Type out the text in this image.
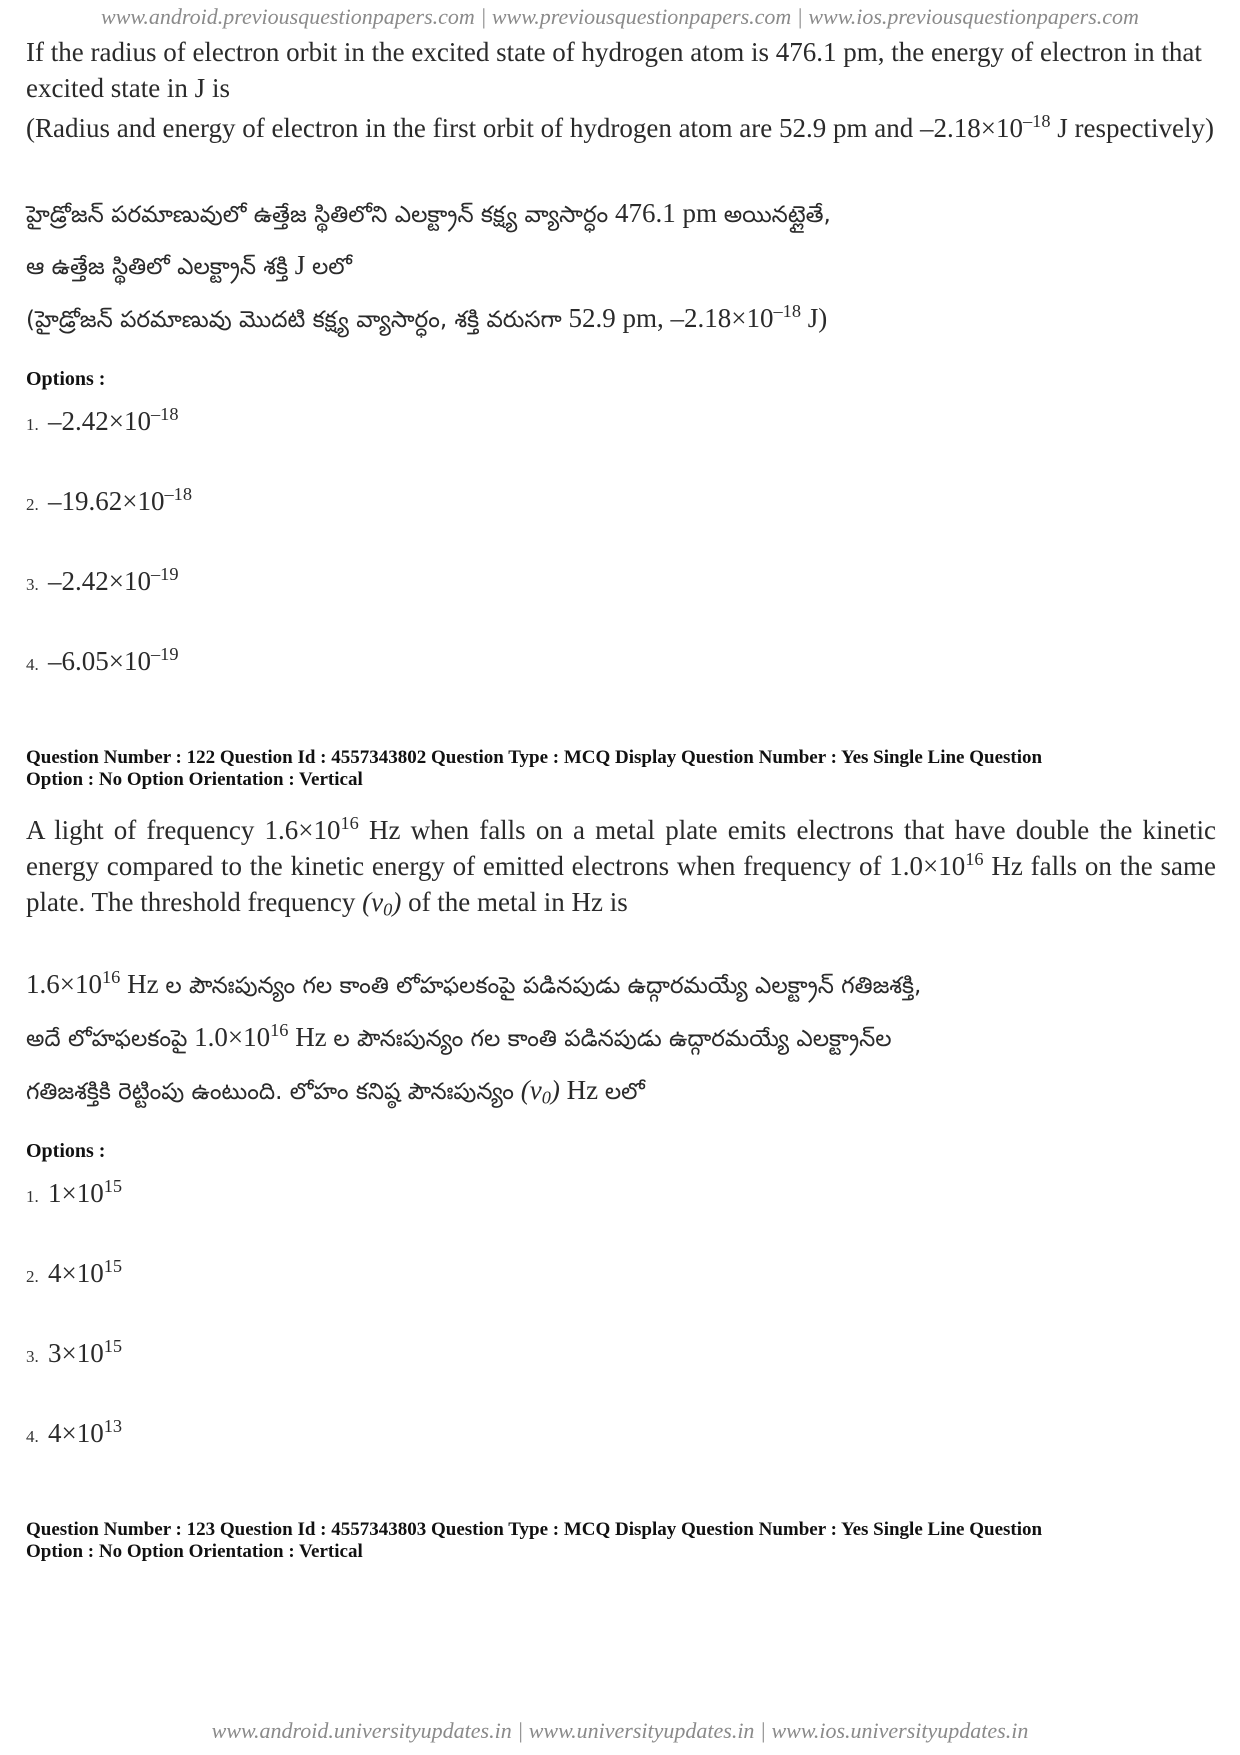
www.android.previousquestionpapers.com | www.previousquestionpapers.com | www.ios.previousquestionpapers.com

If the radius of electron orbit in the excited state of hydrogen atom is 476.1 pm, the energy of electron in that excited state in J is

(Radius and energy of electron in the first orbit of hydrogen atom are 52.9 pm and $-2.18\times 10^{-18}$ J respectively)

హైడ్రోజన్ పరమాణువులో ఉత్తేజ స్థితిలోని ఎలక్ట్రాన్ కక్ష్య వ్యాసార్ధం 476.1 pm అయినట్లైతే,

ఆ ఉత్తేజ స్థితిలో ఎలక్ట్రాన్ శక్తి J లలో

(హైడ్రోజన్ పరమాణువు మొదటి కక్ష్య వ్యాసార్ధం, శక్తి వరుసగా 52.9 pm, $-2.18\times 10^{-18}$ J)

Options :
1. $-2.42\times 10^{-18}$
2. $-19.62\times 10^{-18}$
3. $-2.42\times 10^{-19}$
4. $-6.05\times 10^{-19}$
Question Number : 122 Question Id : 4557343802 Question Type : MCQ Display Question Number : Yes Single Line Question
Option : No Option Orientation : Vertical
A light of frequency $1.6\times 10^{16}$ Hz when falls on a metal plate emits electrons that have double the kinetic energy compared to the kinetic energy of emitted electrons when frequency of $1.0\times 10^{16}$ Hz falls on the same plate. The threshold frequency $(\nu_0)$ of the metal in Hz is

$1.6\times 10^{16}$ Hz ల పౌనఃపున్యం గల కాంతి లోహఫలకంపై పడినపుడు ఉద్గారమయ్యే ఎలక్ట్రాన్ గతిజశక్తి,

అదే లోహఫలకంపై $1.0\times 10^{16}$ Hz ల పౌనఃపున్యం గల కాంతి పడినపుడు ఉద్గారమయ్యే ఎలక్ట్రాన్‌ల

గతిజశక్తికి రెట్టింపు ఉంటుంది. లోహం కనిష్ఠ పౌనఃపున్యం $(\nu_0)$ Hz లలో

Options :
1. $1\times 10^{15}$
2. $4\times 10^{15}$
3. $3\times 10^{15}$
4. $4\times 10^{13}$
Question Number : 123 Question Id : 4557343803 Question Type : MCQ Display Question Number : Yes Single Line Question
Option : No Option Orientation : Vertical
www.android.universityupdates.in | www.universityupdates.in | www.ios.universityupdates.in
